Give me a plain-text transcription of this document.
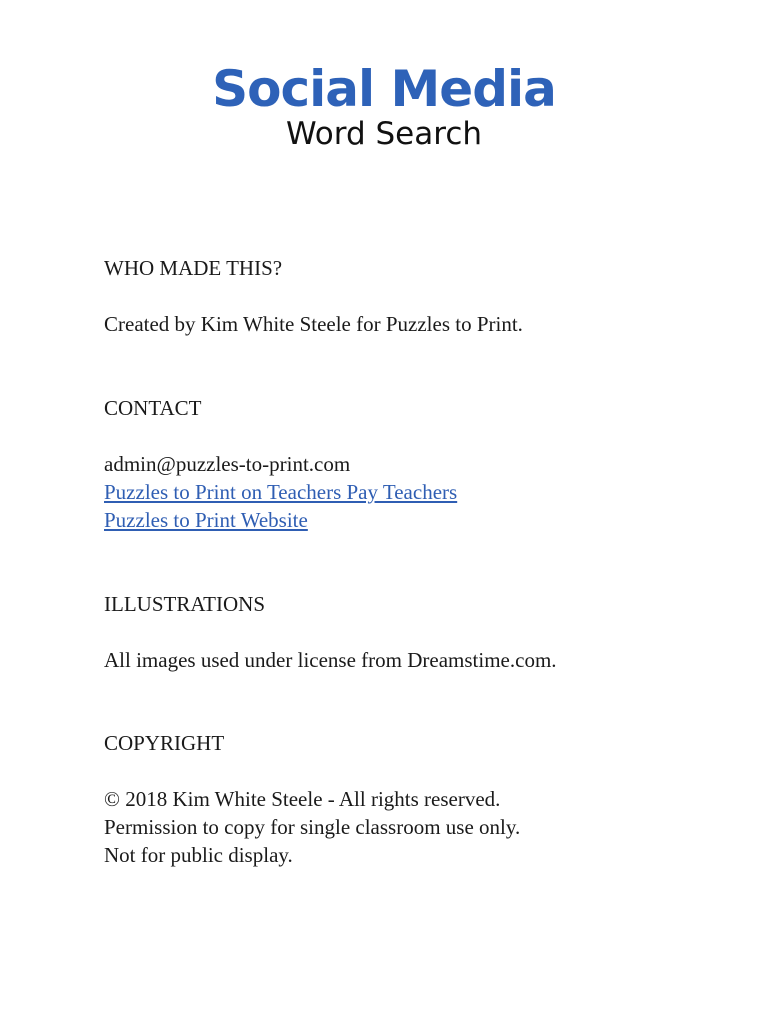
Social Media
Word Search
WHO MADE THIS?
Created by Kim White Steele for Puzzles to Print.
CONTACT
admin@puzzles-to-print.com
Puzzles to Print on Teachers Pay Teachers
Puzzles to Print Website
ILLUSTRATIONS
All images used under license from Dreamstime.com.
COPYRIGHT
© 2018 Kim White Steele - All rights reserved.
Permission to copy for single classroom use only.
Not for public display.
